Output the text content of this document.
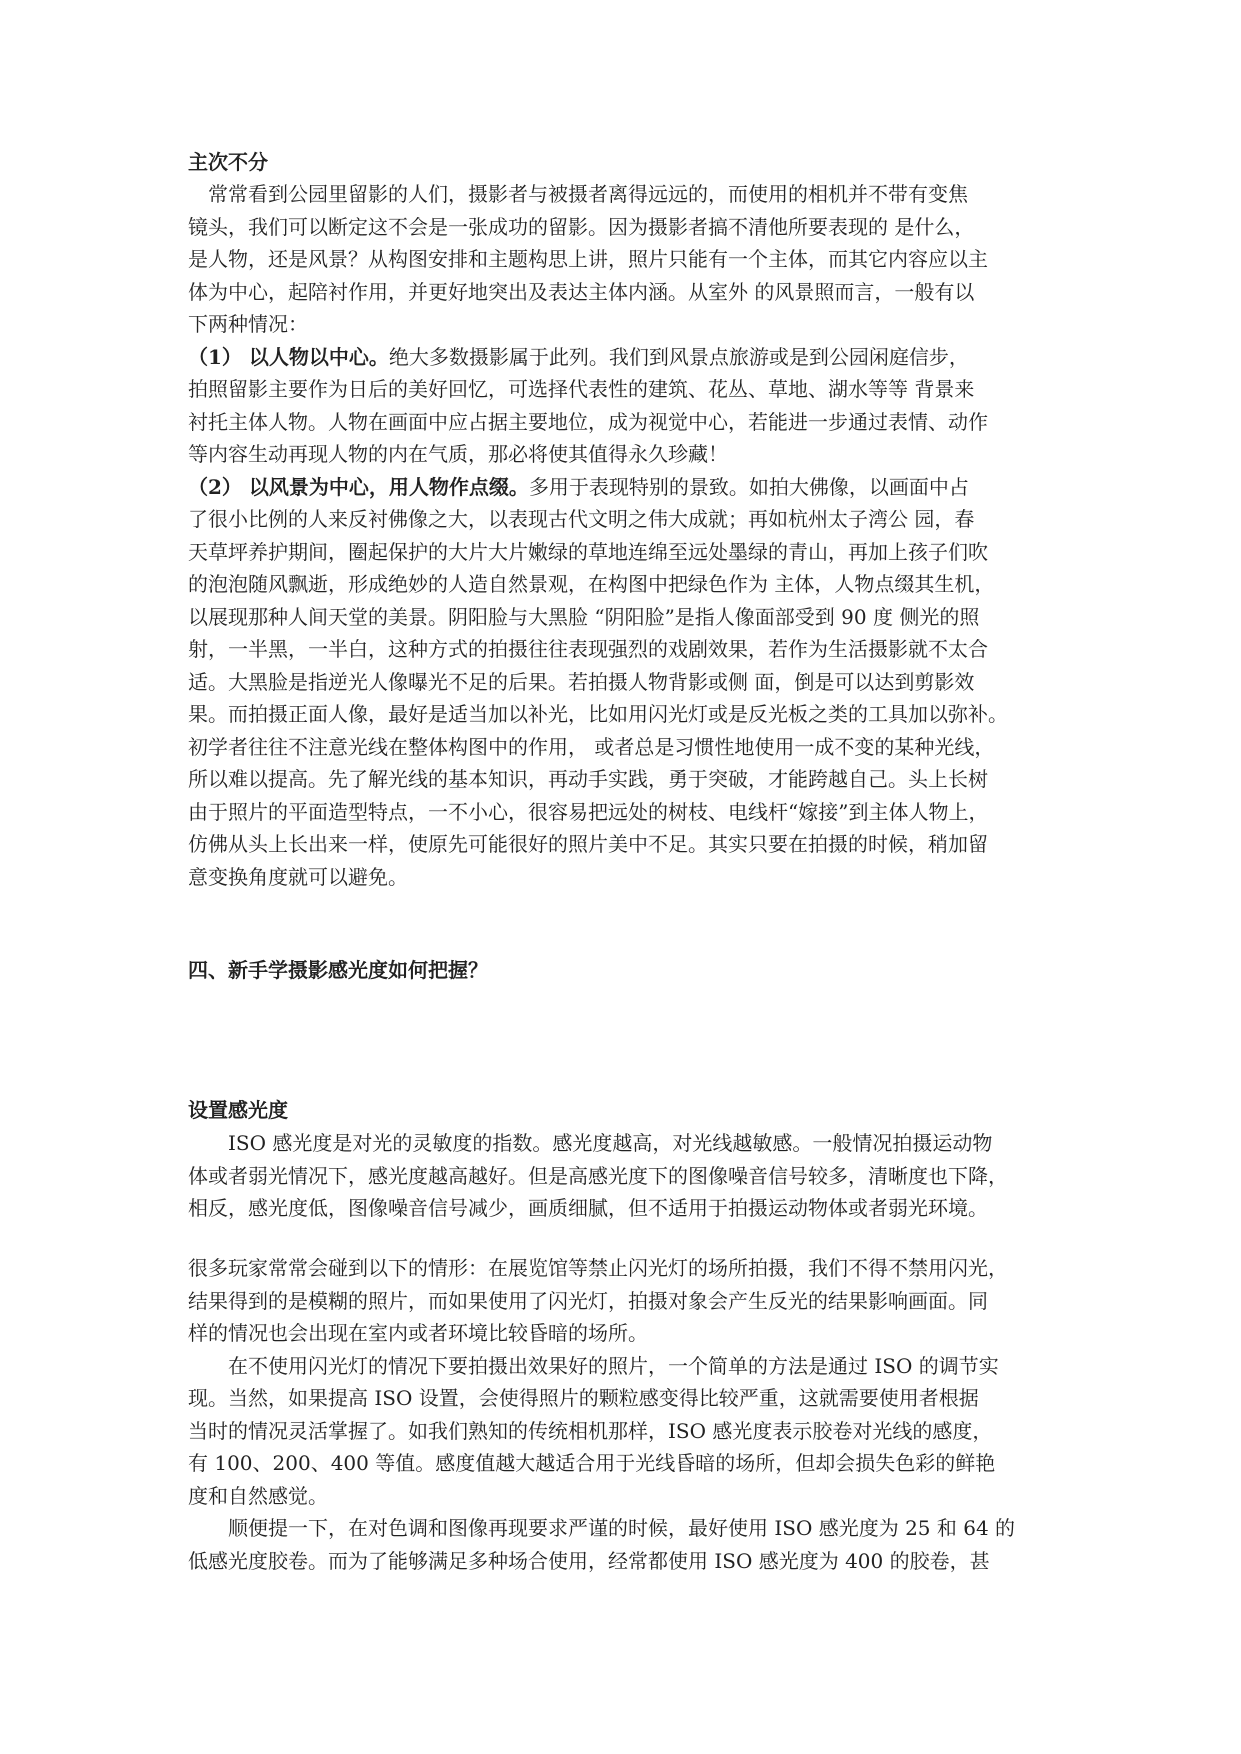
主次不分
　常常看到公园里留影的人们，摄影者与被摄者离得远远的，而使用的相机并不带有变焦
镜头，我们可以断定这不会是一张成功的留影。因为摄影者搞不清他所要表现的 是什么，
是人物，还是风景？从构图安排和主题构思上讲，照片只能有一个主体，而其它内容应以主
体为中心，起陪衬作用，并更好地突出及表达主体内涵。从室外 的风景照而言，一般有以
下两种情况：
（1） 以人物以中心。绝大多数摄影属于此列。我们到风景点旅游或是到公园闲庭信步，
拍照留影主要作为日后的美好回忆，可选择代表性的建筑、花丛、草地、湖水等等 背景来
衬托主体人物。人物在画面中应占据主要地位，成为视觉中心，若能进一步通过表情、动作
等内容生动再现人物的内在气质，那必将使其值得永久珍藏！
（2） 以风景为中心，用人物作点缀。多用于表现特别的景致。如拍大佛像，以画面中占
了很小比例的人来反衬佛像之大，以表现古代文明之伟大成就；再如杭州太子湾公 园，春
天草坪养护期间，圈起保护的大片大片嫩绿的草地连绵至远处墨绿的青山，再加上孩子们吹
的泡泡随风飘逝，形成绝妙的人造自然景观，在构图中把绿色作为 主体，人物点缀其生机，
以展现那种人间天堂的美景。阴阳脸与大黑脸 “阴阳脸”是指人像面部受到 90 度 侧光的照
射，一半黑，一半白，这种方式的拍摄往往表现强烈的戏剧效果，若作为生活摄影就不太合
适。大黑脸是指逆光人像曝光不足的后果。若拍摄人物背影或侧 面，倒是可以达到剪影效
果。而拍摄正面人像，最好是适当加以补光，比如用闪光灯或是反光板之类的工具加以弥补。
初学者往往不注意光线在整体构图中的作用， 或者总是习惯性地使用一成不变的某种光线，
所以难以提高。先了解光线的基本知识，再动手实践，勇于突破，才能跨越自己。头上长树
由于照片的平面造型特点，一不小心，很容易把远处的树枝、电线杆“嫁接”到主体人物上，
仿佛从头上长出来一样，使原先可能很好的照片美中不足。其实只要在拍摄的时候，稍加留
意变换角度就可以避免。
四、新手学摄影感光度如何把握？
设置感光度
　　ISO 感光度是对光的灵敏度的指数。感光度越高，对光线越敏感。一般情况拍摄运动物
体或者弱光情况下，感光度越高越好。但是高感光度下的图像噪音信号较多，清晰度也下降，
相反，感光度低，图像噪音信号减少，画质细腻，但不适用于拍摄运动物体或者弱光环境。
很多玩家常常会碰到以下的情形：在展览馆等禁止闪光灯的场所拍摄，我们不得不禁用闪光，
结果得到的是模糊的照片，而如果使用了闪光灯，拍摄对象会产生反光的结果影响画面。同
样的情况也会出现在室内或者环境比较昏暗的场所。
　　在不使用闪光灯的情况下要拍摄出效果好的照片，一个简单的方法是通过 ISO 的调节实
现。当然，如果提高 ISO 设置，会使得照片的颗粒感变得比较严重，这就需要使用者根据
当时的情况灵活掌握了。如我们熟知的传统相机那样，ISO 感光度表示胶卷对光线的感度，
有 100、200、400 等值。感度值越大越适合用于光线昏暗的场所，但却会损失色彩的鲜艳
度和自然感觉。
　　顺便提一下，在对色调和图像再现要求严谨的时候，最好使用 ISO 感光度为 25 和 64 的
低感光度胶卷。而为了能够满足多种场合使用，经常都使用 ISO 感光度为 400 的胶卷，甚
